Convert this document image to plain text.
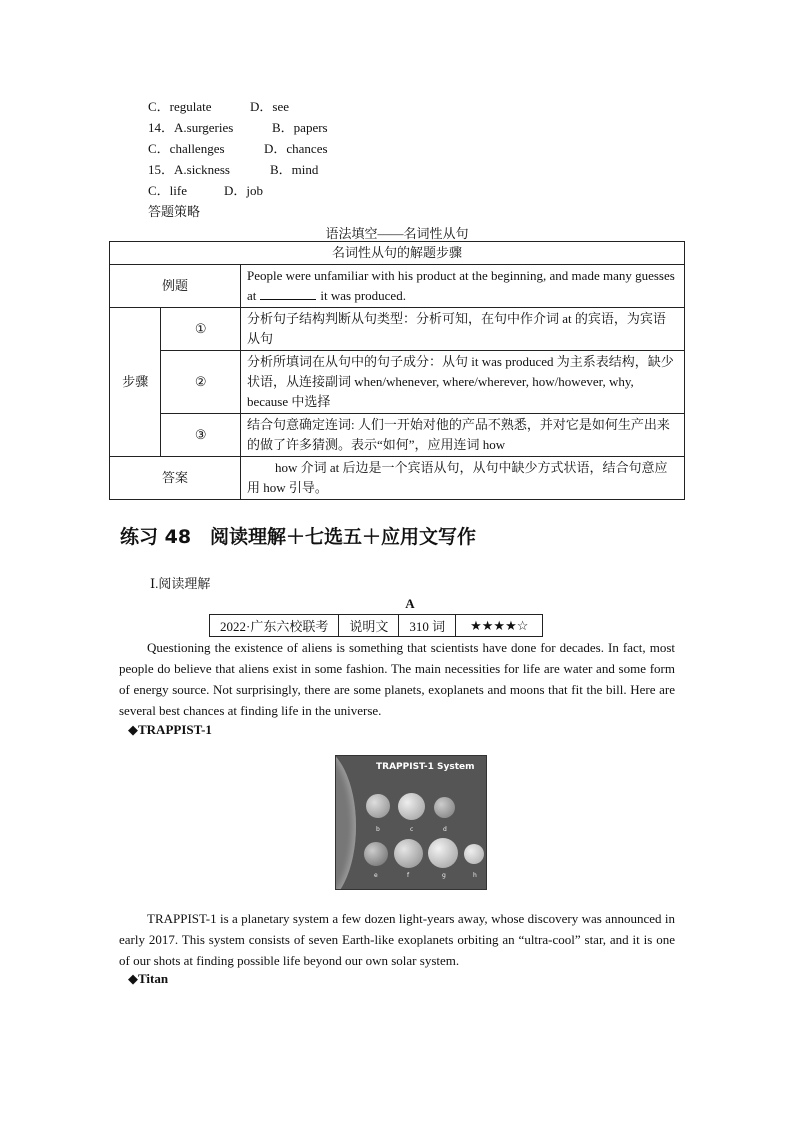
C．regulate	D．see
14．A.surgeries	B．papers
C．challenges	D．chances
15．A.sickness	B．mind
C．life	D．job
答题策略
语法填空——名词性从句
名词性从句的解题步骤		
例题		People were unfamiliar with his product at the beginning, and made many guesses at it was produced.
步骤	①	分析句子结构判断从句类型：分析可知，在句中作介词 at 的宾语，为宾语从句
	②	分析所填词在从句中的句子成分：从句 it was produced 为主系表结构，缺少状语，从连接副词 when/whenever, where/wherever, how/however, why, because 中选择
	③	结合句意确定连词: 人们一开始对他的产品不熟悉，并对它是如何生产出来的做了许多猜测。表示“如何”，应用连词 how
答案		how 介词 at 后边是一个宾语从句，从句中缺少方式状语，结合句意应用 how 引导。
练习 48　阅读理解＋七选五＋应用文写作
Ⅰ.阅读理解
A
2022·广东六校联考	说明文	310 词	★★★★☆

Questioning the existence of aliens is something that scientists have done for decades. In fact, most people do believe that aliens exist in some fashion. The main necessities for life are water and some form of energy source. Not surprisingly, there are some planets, exoplanets and moons that fit the bill. Here are several best chances at finding life in the universe.

◆TRAPPIST-1
TRAPPIST-1 System
b	c	d
e	f	g	h

TRAPPIST-1 is a planetary system a few dozen light-years away, whose discovery was announced in early 2017. This system consists of seven Earth-like exoplanets orbiting an “ultra-cool” star, and it is one of our shots at finding possible life beyond our own solar system.

◆Titan
